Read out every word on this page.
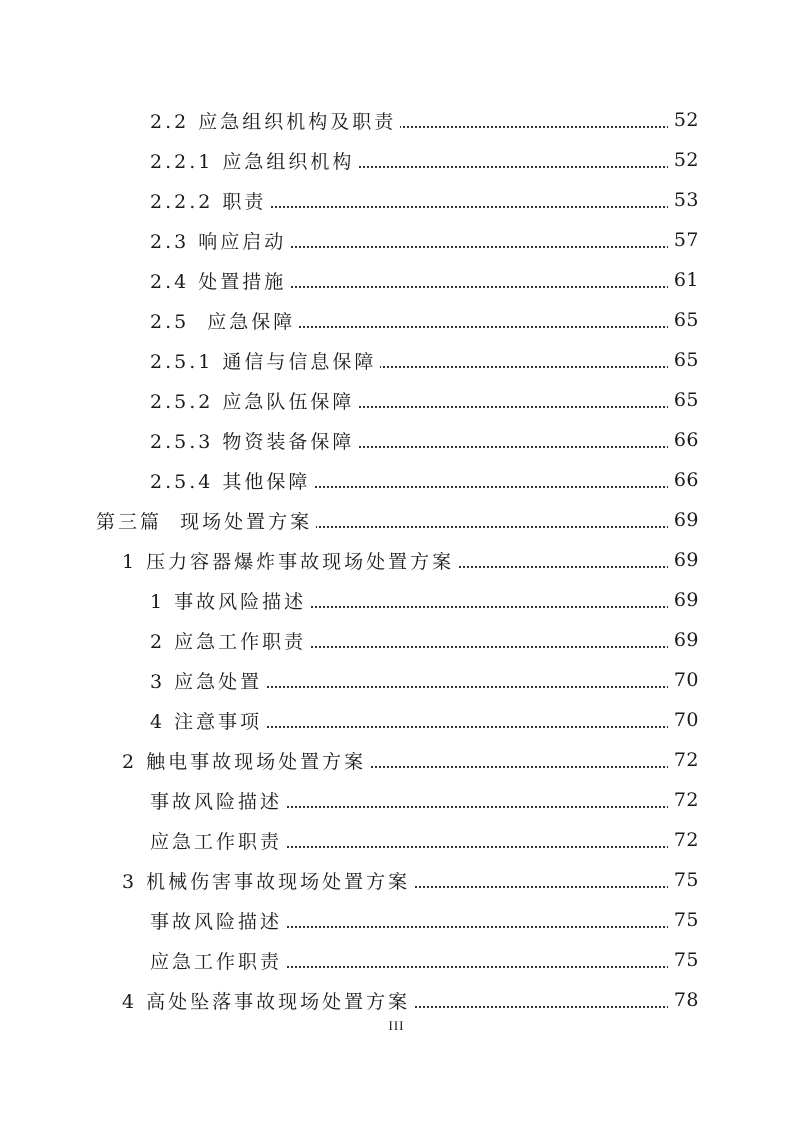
2.2 应急组织机构及职责	52
2.2.1 应急组织机构	52
2.2.2 职责	53
2.3 响应启动	57
2.4 处置措施	61
2.5  应急保障	65
2.5.1 通信与信息保障	65
2.5.2 应急队伍保障	65
2.5.3 物资装备保障	66
2.5.4 其他保障	66
第三篇  现场处置方案	69
1 压力容器爆炸事故现场处置方案	69
1 事故风险描述	69
2 应急工作职责	69
3 应急处置	70
4 注意事项	70
2 触电事故现场处置方案	72
事故风险描述	72
应急工作职责	72
3 机械伤害事故现场处置方案	75
事故风险描述	75
应急工作职责	75
4 高处坠落事故现场处置方案	78
III
